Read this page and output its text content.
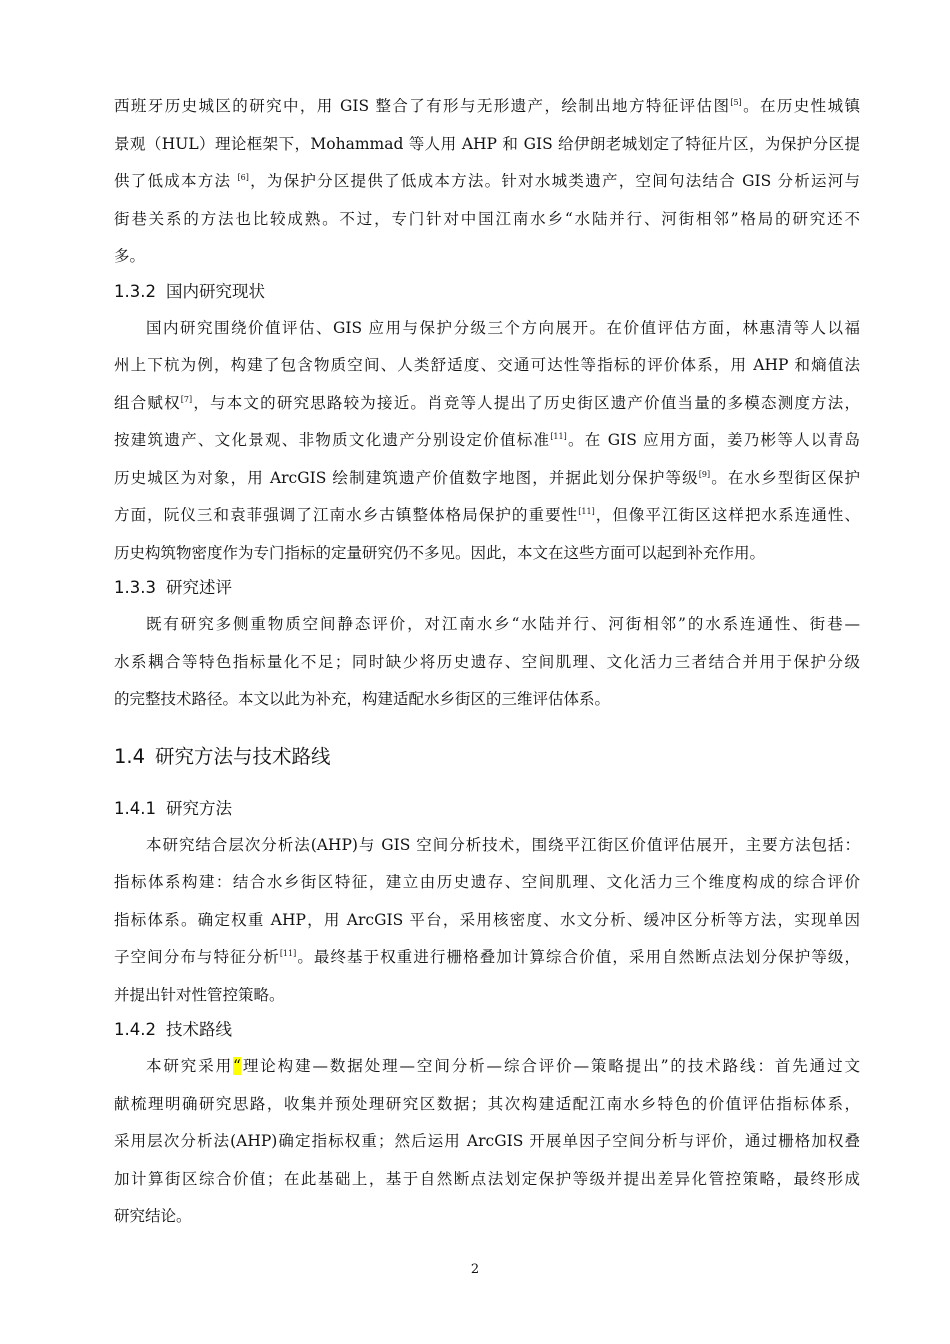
西班牙历史城区的研究中，用 GIS 整合了有形与无形遗产，绘制出地方特征评估图[5]。在历史性城镇
景观（HUL）理论框架下，Mohammad 等人用 AHP 和 GIS 给伊朗老城划定了特征片区，为保护分区提
供了低成本方法 [6]，为保护分区提供了低成本方法。针对水城类遗产，空间句法结合 GIS 分析运河与
街巷关系的方法也比较成熟。不过，专门针对中国江南水乡“水陆并行、河街相邻”格局的研究还不
多。
1.3.2 国内研究现状
国内研究围绕价值评估、GIS 应用与保护分级三个方向展开。在价值评估方面，林惠清等人以福
州上下杭为例，构建了包含物质空间、人类舒适度、交通可达性等指标的评价体系，用 AHP 和熵值法
组合赋权[7]，与本文的研究思路较为接近。肖竞等人提出了历史街区遗产价值当量的多模态测度方法，
按建筑遗产、文化景观、非物质文化遗产分别设定价值标准[11]。在 GIS 应用方面，姜乃彬等人以青岛
历史城区为对象，用 ArcGIS 绘制建筑遗产价值数字地图，并据此划分保护等级[9]。在水乡型街区保护
方面，阮仪三和袁菲强调了江南水乡古镇整体格局保护的重要性[11]，但像平江街区这样把水系连通性、
历史构筑物密度作为专门指标的定量研究仍不多见。因此，本文在这些方面可以起到补充作用。
1.3.3 研究述评
既有研究多侧重物质空间静态评价，对江南水乡“水陆并行、河街相邻”的水系连通性、街巷—
水系耦合等特色指标量化不足；同时缺少将历史遗存、空间肌理、文化活力三者结合并用于保护分级
的完整技术路径。本文以此为补充，构建适配水乡街区的三维评估体系。
1.4 研究方法与技术路线
1.4.1 研究方法
本研究结合层次分析法(AHP)与 GIS 空间分析技术，围绕平江街区价值评估展开，主要方法包括：
指标体系构建：结合水乡街区特征，建立由历史遗存、空间肌理、文化活力三个维度构成的综合评价
指标体系。确定权重 AHP，用 ArcGIS 平台，采用核密度、水文分析、缓冲区分析等方法，实现单因
子空间分布与特征分析[11]。最终基于权重进行栅格叠加计算综合价值，采用自然断点法划分保护等级，
并提出针对性管控策略。
1.4.2 技术路线
本研究采用“理论构建—数据处理—空间分析—综合评价—策略提出”的技术路线：首先通过文
献梳理明确研究思路，收集并预处理研究区数据；其次构建适配江南水乡特色的价值评估指标体系，
采用层次分析法(AHP)确定指标权重；然后运用 ArcGIS 开展单因子空间分析与评价，通过栅格加权叠
加计算街区综合价值；在此基础上，基于自然断点法划定保护等级并提出差异化管控策略，最终形成
研究结论。
2
